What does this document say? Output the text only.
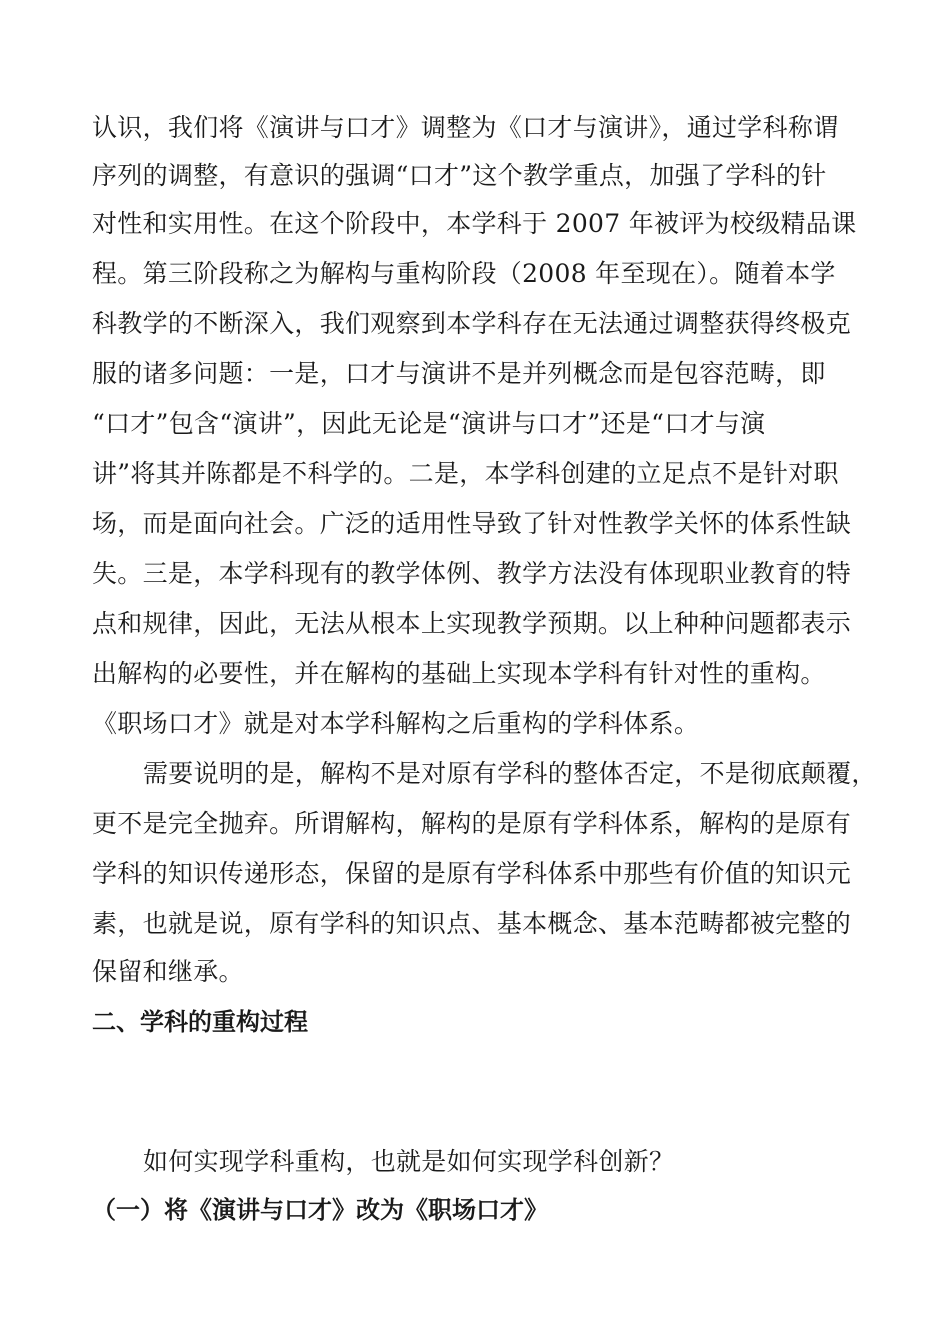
认识，我们将《演讲与口才》调整为《口才与演讲》，通过学科称谓
序列的调整，有意识的强调“口才”这个教学重点，加强了学科的针
对性和实用性。在这个阶段中，本学科于 2007 年被评为校级精品课
程。第三阶段称之为解构与重构阶段（2008 年至现在）。随着本学
科教学的不断深入，我们观察到本学科存在无法通过调整获得终极克
服的诸多问题：一是，口才与演讲不是并列概念而是包容范畴，即
“口才”包含“演讲”，因此无论是“演讲与口才”还是“口才与演
讲”将其并陈都是不科学的。二是，本学科创建的立足点不是针对职
场，而是面向社会。广泛的适用性导致了针对性教学关怀的体系性缺
失。三是，本学科现有的教学体例、教学方法没有体现职业教育的特
点和规律，因此，无法从根本上实现教学预期。以上种种问题都表示
出解构的必要性，并在解构的基础上实现本学科有针对性的重构。
《职场口才》就是对本学科解构之后重构的学科体系。
需要说明的是，解构不是对原有学科的整体否定，不是彻底颠覆，
更不是完全抛弃。所谓解构，解构的是原有学科体系，解构的是原有
学科的知识传递形态，保留的是原有学科体系中那些有价值的知识元
素，也就是说，原有学科的知识点、基本概念、基本范畴都被完整的
保留和继承。
二、学科的重构过程
如何实现学科重构，也就是如何实现学科创新？
（一）将《演讲与口才》改为《职场口才》
